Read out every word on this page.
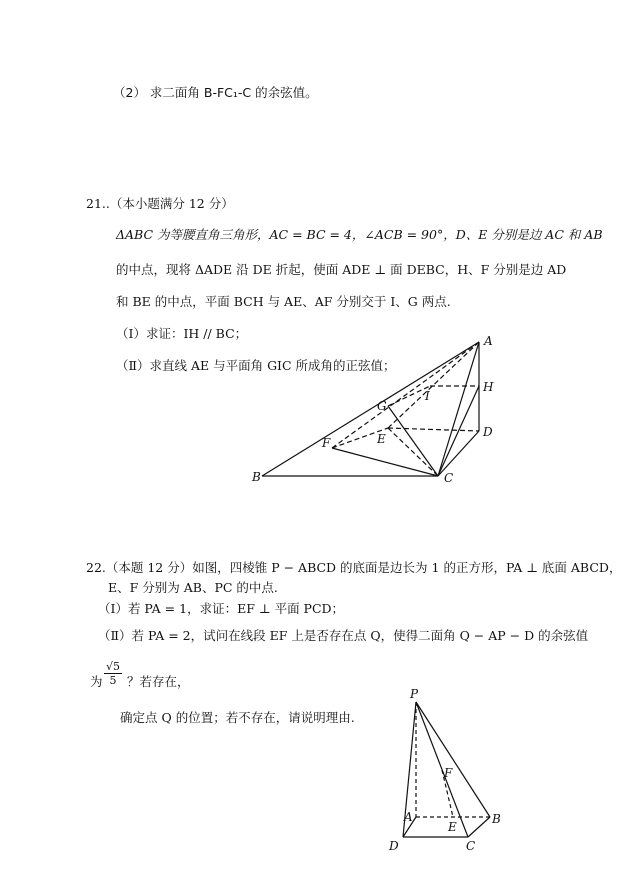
（2） 求二面角 B-FC₁-C 的余弦值。
21..（本小题满分 12 分）
ΔABC 为等腰直角三角形，AC = BC = 4，∠ACB = 90°，D、E 分别是边 AC 和 AB
的中点，现将 ΔADE 沿 DE 折起，使面 ADE ⊥ 面 DEBC，H、F 分别是边 AD
和 BE 的中点，平面 BCH 与 AE、AF 分别交于 I、G 两点.
（Ⅰ）求证：IH // BC；
（Ⅱ）求直线 AE 与平面角 GIC 所成角的正弦值；
A
H
I
G
D
E
F
B	C
22.（本题 12 分）如图，四棱锥 P − ABCD 的底面是边长为 1 的正方形，PA ⊥ 底面 ABCD，
E、F 分别为 AB、PC 的中点.
（Ⅰ）若 PA = 1，求证：EF ⊥ 平面 PCD；
（Ⅱ）若 PA = 2，试问在线段 EF 上是否存在点 Q，使得二面角 Q − AP − D 的余弦值
为 $\frac{√5}{5}$ ？若存在，
确定点 Q 的位置；若不存在，请说明理由.
P
F
A
E
B
D	C
